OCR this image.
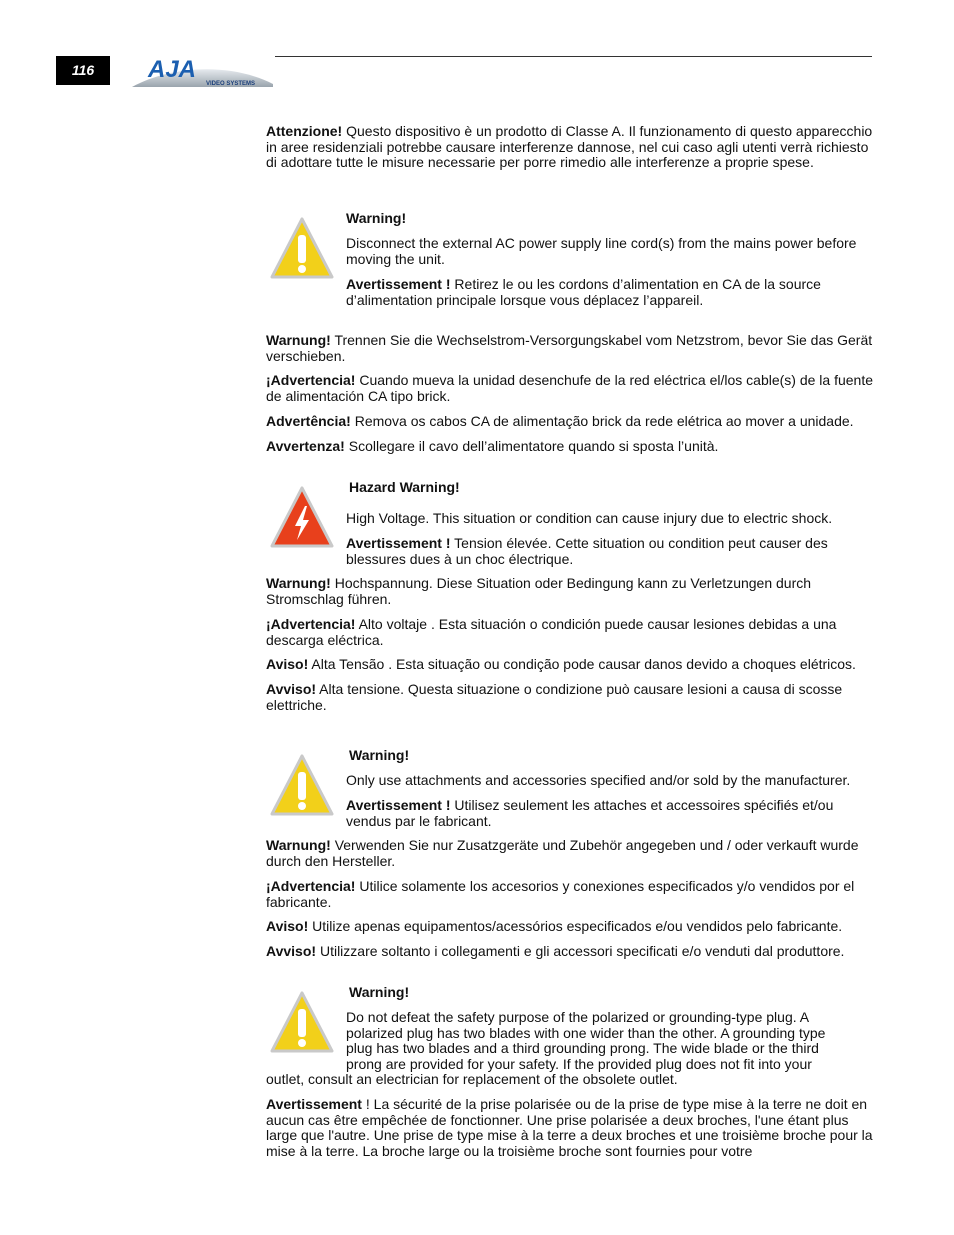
116	AJA
VIDEO SYSTEMS

Attenzione! Questo dispositivo è un prodotto di Classe A. Il funzionamento di questo apparecchio in aree residenziali potrebbe causare interferenze dannose, nel cui caso agli utenti verrà richiesto di adottare tutte le misure necessarie per porre rimedio alle interferenze a proprie spese.

Warning!

Disconnect the external AC power supply line cord(s) from the mains power before moving the unit.

Avertissement ! Retirez le ou les cordons d’alimentation en CA de la source d’alimentation principale lorsque vous déplacez l’appareil.

Warnung! Trennen Sie die Wechselstrom-Versorgungskabel vom Netzstrom, bevor Sie das Gerät verschieben.

¡Advertencia! Cuando mueva la unidad desenchufe de la red eléctrica el/los cable(s) de la fuente de alimentación CA tipo brick.

Advertência! Remova os cabos CA de alimentação brick da rede elétrica ao mover a unidade.

Avvertenza! Scollegare il cavo dell’alimentatore quando si sposta l’unità.

Hazard Warning!

High Voltage. This situation or condition can cause injury due to electric shock.

Avertissement ! Tension élevée. Cette situation ou condition peut causer des blessures dues à un choc électrique.

Warnung! Hochspannung. Diese Situation oder Bedingung kann zu Verletzungen durch Stromschlag führen.

¡Advertencia! Alto voltaje . Esta situación o condición puede causar lesiones debidas a una descarga eléctrica.

Aviso! Alta Tensão . Esta situação ou condição pode causar danos devido a choques elétricos.

Avviso! Alta tensione. Questa situazione o condizione può causare lesioni a causa di scosse elettriche.

Warning!

Only use attachments and accessories specified and/or sold by the manufacturer.

Avertissement ! Utilisez seulement les attaches et accessoires spécifiés et/ou vendus par le fabricant.

Warnung! Verwenden Sie nur Zusatzgeräte und Zubehör angegeben und / oder verkauft wurde durch den Hersteller.

¡Advertencia! Utilice solamente los accesorios y conexiones especificados y/o vendidos por el fabricante.

Aviso! Utilize apenas equipamentos/acessórios especificados e/ou vendidos pelo fabricante.

Avviso! Utilizzare soltanto i collegamenti e gli accessori specificati e/o venduti dal produttore.

Warning!

Do not defeat the safety purpose of the polarized or grounding-type plug. A

polarized plug has two blades with one wider than the other. A grounding type

plug has two blades and a third grounding prong. The wide blade or the third

prong are provided for your safety. If the provided plug does not fit into your

outlet, consult an electrician for replacement of the obsolete outlet.

Avertissement ! La sécurité de la prise polarisée ou de la prise de type mise à la terre ne doit en aucun cas être empêchée de fonctionner. Une prise polarisée a deux broches, l'une étant plus large que l'autre. Une prise de type mise à la terre a deux broches et une troisième broche pour la mise à la terre. La broche large ou la troisième broche sont fournies pour votre
